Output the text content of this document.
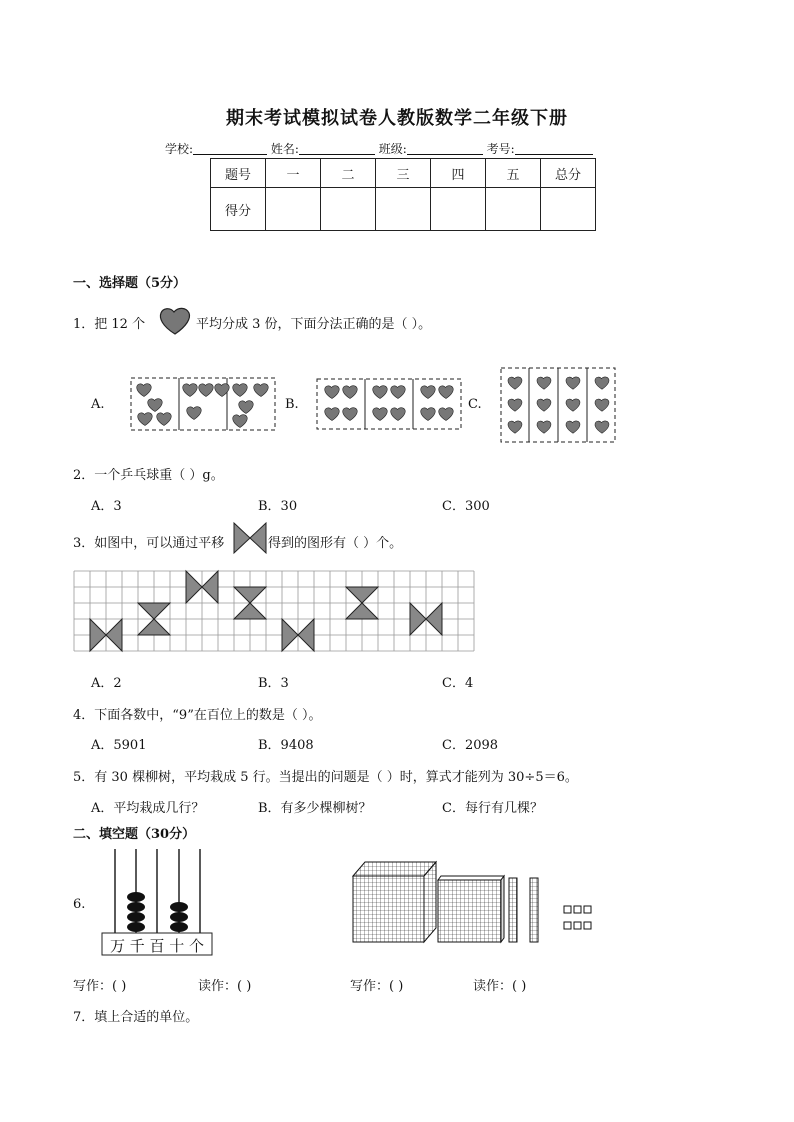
期末考试模拟试卷人教版数学二年级下册
学校:	姓名:	班级:	考号:
题号	一	二	三	四	五	总分
得分						
一、选择题（5分）
1．把 12 个	平均分成 3 份，下面分法正确的是（ ）。
A.	B.	C.
2．一个乒乓球重（ ）g。
A．3	B．30	C．300
3．如图中，可以通过平移	得到的图形有（ ）个。
A．2	B．3	C．4
4．下面各数中，“9”在百位上的数是（ ）。
A．5901	B．9408	C．2098
5．有 30 棵柳树，平均栽成 5 行。当提出的问题是（ ）时，算式才能列为 30÷5＝6。
A．平均栽成几行？	B．有多少棵柳树？	C．每行有几棵？
二、填空题（30分）
6.
万 千 百 十 个
写作：( )	读作：( )	写作：( )	读作：( )
7．填上合适的单位。
